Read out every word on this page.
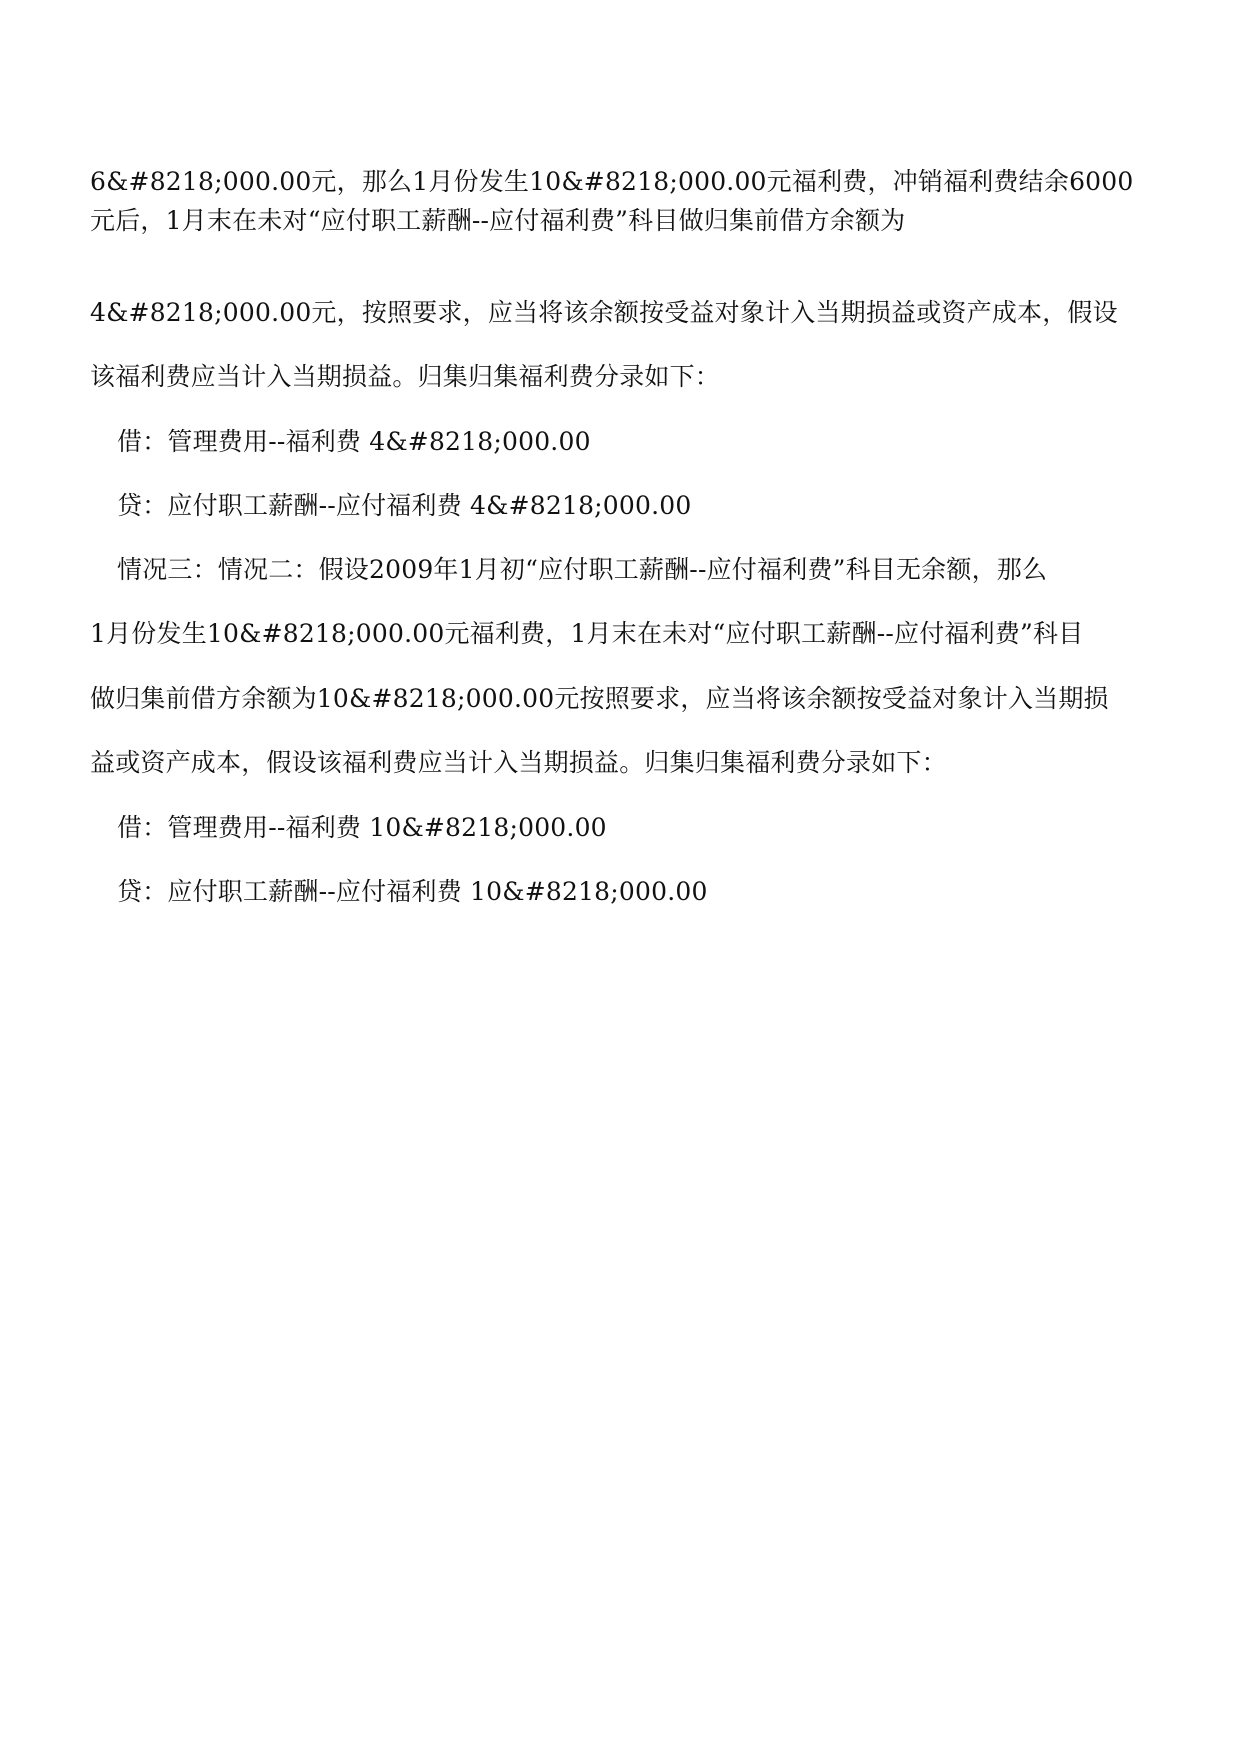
6&#8218;000.00元，那么1月份发生10&#8218;000.00元福利费，冲销福利费结余6000
元后，1月末在未对“应付职工薪酬--应付福利费”科目做归集前借方余额为
4&#8218;000.00元，按照要求，应当将该余额按受益对象计入当期损益或资产成本，假设
该福利费应当计入当期损益。归集归集福利费分录如下：
借：管理费用--福利费 4&#8218;000.00
贷：应付职工薪酬--应付福利费 4&#8218;000.00
情况三：情况二：假设2009年1月初“应付职工薪酬--应付福利费”科目无余额，那么
1月份发生10&#8218;000.00元福利费，1月末在未对“应付职工薪酬--应付福利费”科目
做归集前借方余额为10&#8218;000.00元按照要求，应当将该余额按受益对象计入当期损
益或资产成本，假设该福利费应当计入当期损益。归集归集福利费分录如下：
借：管理费用--福利费 10&#8218;000.00
贷：应付职工薪酬--应付福利费 10&#8218;000.00
